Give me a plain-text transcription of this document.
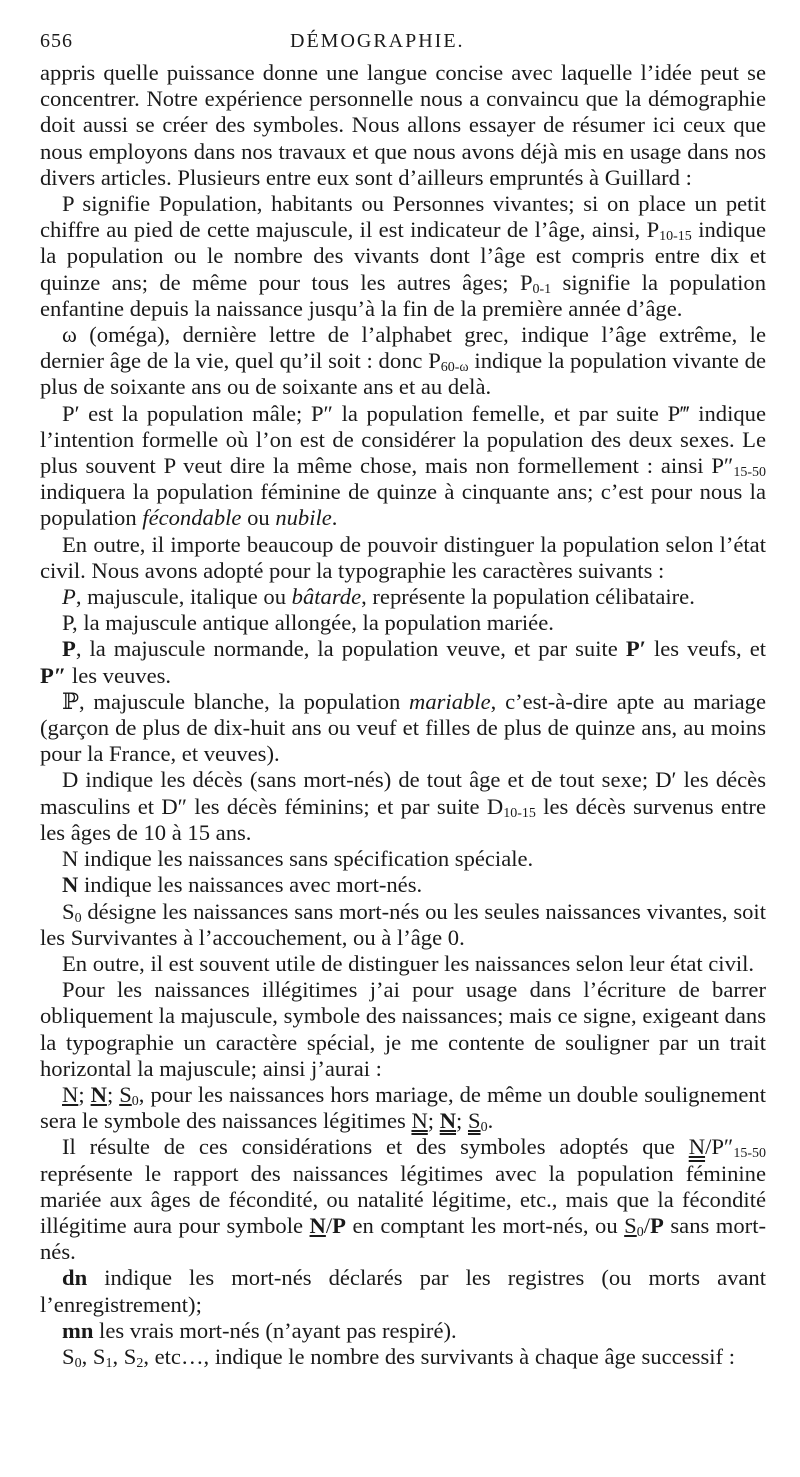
656	DÉMOGRAPHIE.

appris quelle puissance donne une langue concise avec laquelle l’idée peut se concentrer. Notre expérience personnelle nous a convaincu que la démographie doit aussi se créer des symboles. Nous allons essayer de résumer ici ceux que nous employons dans nos travaux et que nous avons déjà mis en usage dans nos divers articles. Plusieurs entre eux sont d’ailleurs empruntés à Guillard :

P signifie Population, habitants ou Personnes vivantes; si on place un petit chiffre au pied de cette majuscule, il est indicateur de l’âge, ainsi, $P_{10-15}$ indique la population ou le nombre des vivants dont l’âge est compris entre dix et quinze ans; de même pour tous les autres âges; $P_{0-1}$ signifie la population enfantine depuis la naissance jusqu’à la fin de la première année d’âge.

ω (oméga), dernière lettre de l’alphabet grec, indique l’âge extrême, le dernier âge de la vie, quel qu’il soit : donc $P_{60-\omega}$ indique la population vivante de plus de soixante ans ou de soixante ans et au delà.

P′ est la population mâle; P″ la population femelle, et par suite P‴ indique l’intention formelle où l’on est de considérer la population des deux sexes. Le plus souvent P veut dire la même chose, mais non formellement : ainsi $P''_{15-50}$ indiquera la population féminine de quinze à cinquante ans; c’est pour nous la population fécondable ou nubile.

En outre, il importe beaucoup de pouvoir distinguer la population selon l’état civil. Nous avons adopté pour la typographie les caractères suivants :

P, majuscule, italique ou bâtarde, représente la population célibataire.

P, la majuscule antique allongée, la population mariée.

P, la majuscule normande, la population veuve, et par suite P′ les veufs, et P″ les veuves.

ℙ, majuscule blanche, la population mariable, c’est-à-dire apte au mariage (garçon de plus de dix-huit ans ou veuf et filles de plus de quinze ans, au moins pour la France, et veuves).

D indique les décès (sans mort-nés) de tout âge et de tout sexe; D′ les décès masculins et D″ les décès féminins; et par suite $D_{10-15}$ les décès survenus entre les âges de 10 à 15 ans.

N indique les naissances sans spécification spéciale.

N indique les naissances avec mort-nés.

$S_0$ désigne les naissances sans mort-nés ou les seules naissances vivantes, soit les Survivantes à l’accouchement, ou à l’âge 0.

En outre, il est souvent utile de distinguer les naissances selon leur état civil.

Pour les naissances illégitimes j’ai pour usage dans l’écriture de barrer obliquement la majuscule, symbole des naissances; mais ce signe, exigeant dans la typographie un caractère spécial, je me contente de souligner par un trait horizontal la majuscule; ainsi j’aurai :

N; N; $S_0$, pour les naissances hors mariage, de même un double soulignement sera le symbole des naissances légitimes N; N; $S_0$.

Il résulte de ces considérations et des symboles adoptés que $N/P''_{15-50}$ représente le rapport des naissances légitimes avec la population féminine mariée aux âges de fécondité, ou natalité légitime, etc., mais que la fécondité illégitime aura pour symbole N/P en comptant les mort-nés, ou $S_0/P$ sans mort-nés.

dn indique les mort-nés déclarés par les registres (ou morts avant l’enregistrement);

mn les vrais mort-nés (n’ayant pas respiré).

$S_0$, $S_1$, $S_2$, etc…, indique le nombre des survivants à chaque âge successif :
